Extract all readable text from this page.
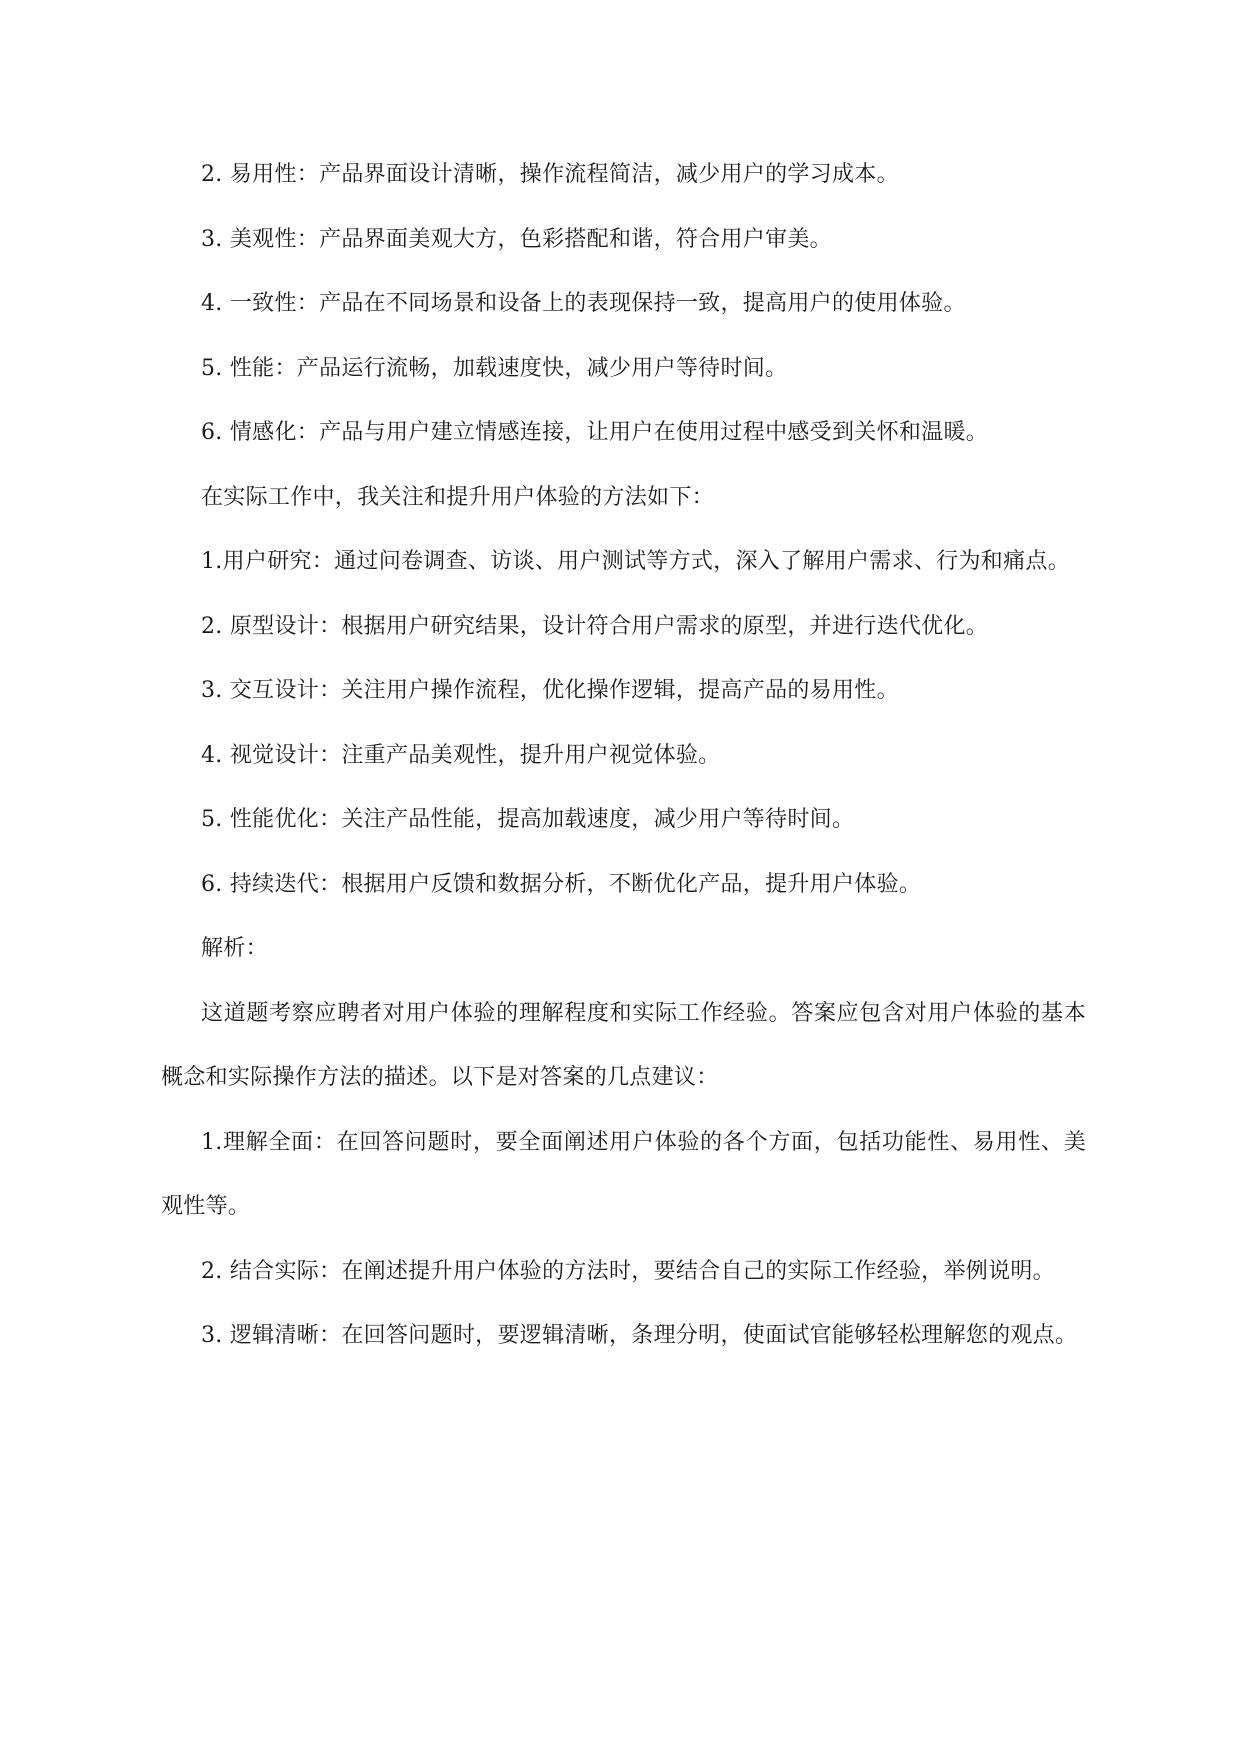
2. 易用性：产品界面设计清晰，操作流程简洁，减少用户的学习成本。

3. 美观性：产品界面美观大方，色彩搭配和谐，符合用户审美。

4. 一致性：产品在不同场景和设备上的表现保持一致，提高用户的使用体验。

5. 性能：产品运行流畅，加载速度快，减少用户等待时间。

6. 情感化：产品与用户建立情感连接，让用户在使用过程中感受到关怀和温暖。

在实际工作中，我关注和提升用户体验的方法如下：

1.用户研究：通过问卷调查、访谈、用户测试等方式，深入了解用户需求、行为和痛点。

2. 原型设计：根据用户研究结果，设计符合用户需求的原型，并进行迭代优化。

3. 交互设计：关注用户操作流程，优化操作逻辑，提高产品的易用性。

4. 视觉设计：注重产品美观性，提升用户视觉体验。

5. 性能优化：关注产品性能，提高加载速度，减少用户等待时间。

6. 持续迭代：根据用户反馈和数据分析，不断优化产品，提升用户体验。

解析：

这道题考察应聘者对用户体验的理解程度和实际工作经验。答案应包含对用户体验的基本概念和实际操作方法的描述。以下是对答案的几点建议：

1.理解全面：在回答问题时，要全面阐述用户体验的各个方面，包括功能性、易用性、美观性等。

2. 结合实际：在阐述提升用户体验的方法时，要结合自己的实际工作经验，举例说明。

3. 逻辑清晰：在回答问题时，要逻辑清晰，条理分明，使面试官能够轻松理解您的观点。
